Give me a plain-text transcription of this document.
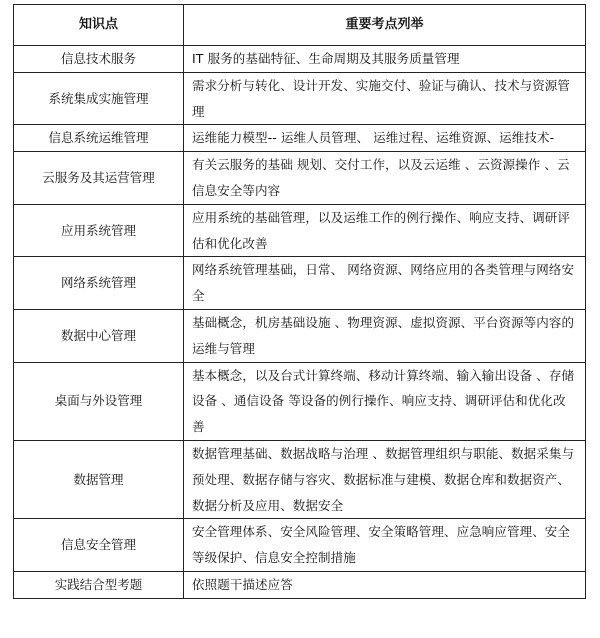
知识点	重要考点列举
信息技术服务	IT 服务的基础特征、生命周期及其服务质量管理
系统集成实施管理	需求分析与转化、设计开发、实施交付、验证与确认、技术与资源管理
信息系统运维管理	运维能力模型-- 运维人员管理、 运维过程、运维资源、运维技术-
云服务及其运营管理	有关云服务的基础 规划、交付工作，以及云运维 、云资源操作 、云信息安全等内容
应用系统管理	应用系统的基础管理，以及运维工作的例行操作、响应支持、调研评估和优化改善
网络系统管理	网络系统管理基础，日常、 网络资源、网络应用的各类管理与网络安全
数据中心管理	基础概念，机房基础设施 、物理资源、虚拟资源、平台资源等内容的运维与管理
桌面与外设管理	基本概念，以及台式计算终端、移动计算终端、输入输出设备 、存储设备 、通信设备 等设备的例行操作、响应支持、调研评估和优化改善
数据管理	数据管理基础、数据战略与治理 、数据管理组织与职能、数据采集与预处理、数据存储与容灾、数据标准与建模、数据仓库和数据资产、数据分析及应用、数据安全
信息安全管理	安全管理体系、安全风险管理、安全策略管理、应急响应管理、安全等级保护、信息安全控制措施
实践结合型考题	依照题干描述应答
